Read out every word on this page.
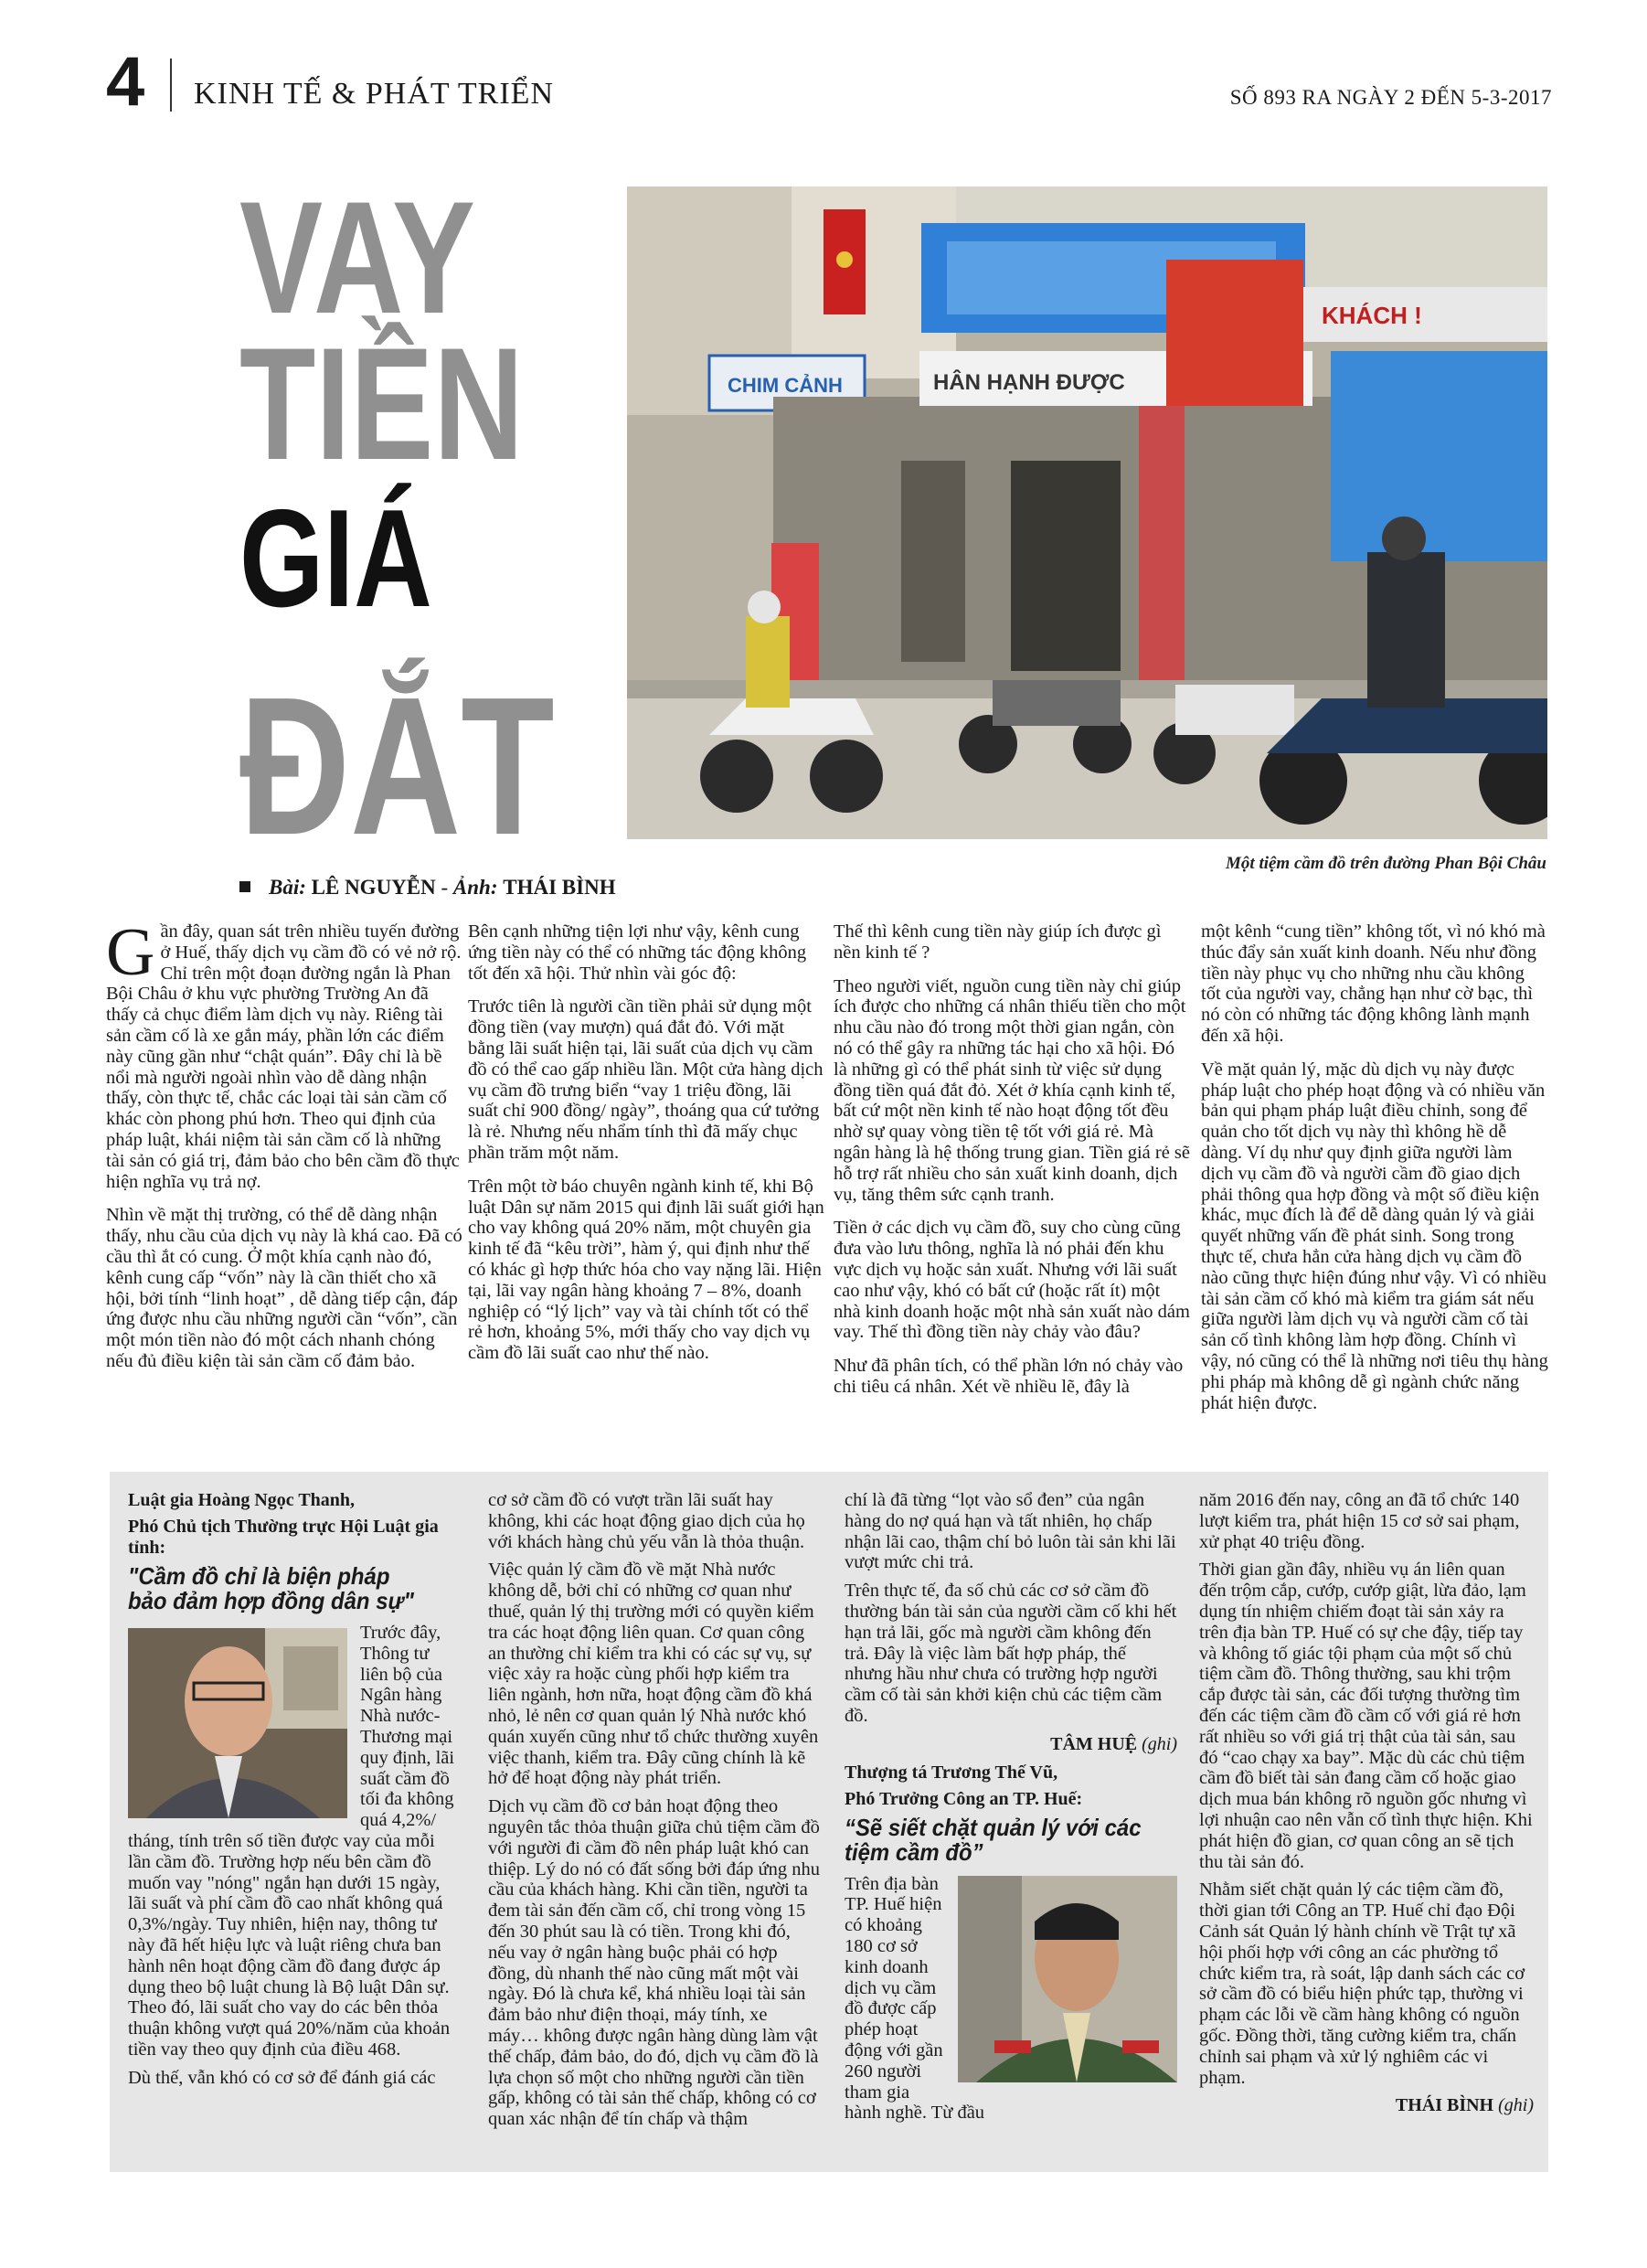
4 KINH TẾ & PHÁT TRIỂN	SỐ 893 RA NGÀY 2 ĐẾN 5-3-2017
VAY
TIỀN
GIÁ
ĐẮT
CHIM CẢNH	HÂN HẠNH ĐƯỢC
KHÁCH !
Một tiệm cầm đồ trên đường Phan Bội Châu
Bài: LÊ NGUYỄN - Ảnh: THÁI BÌNH

Gần đây, quan sát trên nhiều tuyến đường ở Huế, thấy dịch vụ cầm đồ có vẻ nở rộ. Chỉ trên một đoạn đường ngắn là Phan Bội Châu ở khu vực phường Trường An đã thấy cả chục điểm làm dịch vụ này. Riêng tài sản cầm cố là xe gắn máy, phần lớn các điểm này cũng gần như “chật quán”. Đây chỉ là bề nổi mà người ngoài nhìn vào dễ dàng nhận thấy, còn thực tế, chắc các loại tài sản cầm cố khác còn phong phú hơn. Theo qui định của pháp luật, khái niệm tài sản cầm cố là những tài sản có giá trị, đảm bảo cho bên cầm đồ thực hiện nghĩa vụ trả nợ.

Nhìn về mặt thị trường, có thể dễ dàng nhận thấy, nhu cầu của dịch vụ này là khá cao. Đã có cầu thì ắt có cung. Ở một khía cạnh nào đó, kênh cung cấp “vốn” này là cần thiết cho xã hội, bởi tính “linh hoạt” , dễ dàng tiếp cận, đáp ứng được nhu cầu những người cần “vốn”, cần một món tiền nào đó một cách nhanh chóng nếu đủ điều kiện tài sản cầm cố đảm bảo.

Bên cạnh những tiện lợi như vậy, kênh cung ứng tiền này có thể có những tác động không tốt đến xã hội. Thử nhìn vài góc độ:

Trước tiên là người cần tiền phải sử dụng một đồng tiền (vay mượn) quá đắt đỏ. Với mặt bằng lãi suất hiện tại, lãi suất của dịch vụ cầm đồ có thể cao gấp nhiều lần. Một cửa hàng dịch vụ cầm đồ trưng biển “vay 1 triệu đồng, lãi suất chỉ 900 đồng/ ngày”, thoáng qua cứ tưởng là rẻ. Nhưng nếu nhẩm tính thì đã mấy chục phần trăm một năm.

Trên một tờ báo chuyên ngành kinh tế, khi Bộ luật Dân sự năm 2015 qui định lãi suất giới hạn cho vay không quá 20% năm, một chuyên gia kinh tế đã “kêu trời”, hàm ý, qui định như thế có khác gì hợp thức hóa cho vay nặng lãi. Hiện tại, lãi vay ngân hàng khoảng 7 – 8%, doanh nghiệp có “lý lịch” vay và tài chính tốt có thể rẻ hơn, khoảng 5%, mới thấy cho vay dịch vụ cầm đồ lãi suất cao như thế nào.

Thế thì kênh cung tiền này giúp ích được gì nền kinh tế ?

Theo người viết, nguồn cung tiền này chỉ giúp ích được cho những cá nhân thiếu tiền cho một nhu cầu nào đó trong một thời gian ngắn, còn nó có thể gây ra những tác hại cho xã hội. Đó là những gì có thể phát sinh từ việc sử dụng đồng tiền quá đắt đỏ. Xét ở khía cạnh kinh tế, bất cứ một nền kinh tế nào hoạt động tốt đều nhờ sự quay vòng tiền tệ tốt với giá rẻ. Mà ngân hàng là hệ thống trung gian. Tiền giá rẻ sẽ hỗ trợ rất nhiều cho sản xuất kinh doanh, dịch vụ, tăng thêm sức cạnh tranh.

Tiền ở các dịch vụ cầm đồ, suy cho cùng cũng đưa vào lưu thông, nghĩa là nó phải đến khu vực dịch vụ hoặc sản xuất. Nhưng với lãi suất cao như vậy, khó có bất cứ (hoặc rất ít) một nhà kinh doanh hoặc một nhà sản xuất nào dám vay. Thế thì đồng tiền này chảy vào đâu?

Như đã phân tích, có thể phần lớn nó chảy vào chi tiêu cá nhân. Xét về nhiều lẽ, đây là

một kênh “cung tiền” không tốt, vì nó khó mà thúc đẩy sản xuất kinh doanh. Nếu như đồng tiền này phục vụ cho những nhu cầu không tốt của người vay, chẳng hạn như cờ bạc, thì nó còn có những tác động không lành mạnh đến xã hội.

Về mặt quản lý, mặc dù dịch vụ này được pháp luật cho phép hoạt động và có nhiều văn bản qui phạm pháp luật điều chỉnh, song để quản cho tốt dịch vụ này thì không hề dễ dàng. Ví dụ như quy định giữa người làm dịch vụ cầm đồ và người cầm đồ giao dịch phải thông qua hợp đồng và một số điều kiện khác, mục đích là để dễ dàng quản lý và giải quyết những vấn đề phát sinh. Song trong thực tế, chưa hẳn cửa hàng dịch vụ cầm đồ nào cũng thực hiện đúng như vậy. Vì có nhiều tài sản cầm cố khó mà kiểm tra giám sát nếu giữa người làm dịch vụ và người cầm cố tài sản cố tình không làm hợp đồng. Chính vì vậy, nó cũng có thể là những nơi tiêu thụ hàng phi pháp mà không dễ gì ngành chức năng phát hiện được.

Luật gia Hoàng Ngọc Thanh,
Phó Chủ tịch Thường trực Hội Luật gia tỉnh:
"Cầm đồ chỉ là biện pháp bảo đảm hợp đồng dân sự"

Trước đây, Thông tư liên bộ của Ngân hàng Nhà nước- Thương mại quy định, lãi suất cầm đồ tối đa không quá 4,2%/ tháng, tính trên số tiền được vay của mỗi lần cầm đồ. Trường hợp nếu bên cầm đồ muốn vay "nóng" ngắn hạn dưới 15 ngày, lãi suất và phí cầm đồ cao nhất không quá 0,3%/ngày. Tuy nhiên, hiện nay, thông tư này đã hết hiệu lực và luật riêng chưa ban hành nên hoạt động cầm đồ đang được áp dụng theo bộ luật chung là Bộ luật Dân sự. Theo đó, lãi suất cho vay do các bên thỏa thuận không vượt quá 20%/năm của khoản tiền vay theo quy định của điều 468.

Dù thế, vẫn khó có cơ sở để đánh giá các

cơ sở cầm đồ có vượt trần lãi suất hay không, khi các hoạt động giao dịch của họ với khách hàng chủ yếu vẫn là thỏa thuận.

Việc quản lý cầm đồ về mặt Nhà nước không dễ, bởi chỉ có những cơ quan như thuế, quản lý thị trường mới có quyền kiểm tra các hoạt động liên quan. Cơ quan công an thường chỉ kiểm tra khi có các sự vụ, sự việc xảy ra hoặc cùng phối hợp kiểm tra liên ngành, hơn nữa, hoạt động cầm đồ khá nhỏ, lẻ nên cơ quan quản lý Nhà nước khó quán xuyến cũng như tổ chức thường xuyên việc thanh, kiểm tra. Đây cũng chính là kẽ hở để hoạt động này phát triển.

Dịch vụ cầm đồ cơ bản hoạt động theo nguyên tắc thỏa thuận giữa chủ tiệm cầm đồ với người đi cầm đồ nên pháp luật khó can thiệp. Lý do nó có đất sống bởi đáp ứng nhu cầu của khách hàng. Khi cần tiền, người ta đem tài sản đến cầm cố, chỉ trong vòng 15 đến 30 phút sau là có tiền. Trong khi đó, nếu vay ở ngân hàng buộc phải có hợp đồng, dù nhanh thế nào cũng mất một vài ngày. Đó là chưa kể, khá nhiều loại tài sản đảm bảo như điện thoại, máy tính, xe máy… không được ngân hàng dùng làm vật thế chấp, đảm bảo, do đó, dịch vụ cầm đồ là lựa chọn số một cho những người cần tiền gấp, không có tài sản thế chấp, không có cơ quan xác nhận để tín chấp và thậm

chí là đã từng “lọt vào sổ đen” của ngân hàng do nợ quá hạn và tất nhiên, họ chấp nhận lãi cao, thậm chí bỏ luôn tài sản khi lãi vượt mức chi trả.

Trên thực tế, đa số chủ các cơ sở cầm đồ thường bán tài sản của người cầm cố khi hết hạn trả lãi, gốc mà người cầm không đến trả. Đây là việc làm bất hợp pháp, thế nhưng hầu như chưa có trường hợp người cầm cố tài sản khởi kiện chủ các tiệm cầm đồ.

TÂM HUỆ (ghi)
Thượng tá Trương Thế Vũ,
Phó Trưởng Công an TP. Huế:
“Sẽ siết chặt quản lý với các tiệm cầm đồ”

Trên địa bàn TP. Huế hiện có khoảng 180 cơ sở kinh doanh dịch vụ cầm đồ được cấp phép hoạt động với gần 260 người tham gia hành nghề. Từ đầu

năm 2016 đến nay, công an đã tổ chức 140 lượt kiểm tra, phát hiện 15 cơ sở sai phạm, xử phạt 40 triệu đồng.

Thời gian gần đây, nhiều vụ án liên quan đến trộm cắp, cướp, cướp giật, lừa đảo, lạm dụng tín nhiệm chiếm đoạt tài sản xảy ra trên địa bàn TP. Huế có sự che đậy, tiếp tay và không tố giác tội phạm của một số chủ tiệm cầm đồ. Thông thường, sau khi trộm cắp được tài sản, các đối tượng thường tìm đến các tiệm cầm đồ cầm cố với giá rẻ hơn rất nhiều so với giá trị thật của tài sản, sau đó “cao chạy xa bay”. Mặc dù các chủ tiệm cầm đồ biết tài sản đang cầm cố hoặc giao dịch mua bán không rõ nguồn gốc nhưng vì lợi nhuận cao nên vẫn cố tình thực hiện. Khi phát hiện đồ gian, cơ quan công an sẽ tịch thu tài sản đó.

Nhằm siết chặt quản lý các tiệm cầm đồ, thời gian tới Công an TP. Huế chỉ đạo Đội Cảnh sát Quản lý hành chính về Trật tự xã hội phối hợp với công an các phường tổ chức kiểm tra, rà soát, lập danh sách các cơ sở cầm đồ có biểu hiện phức tạp, thường vi phạm các lỗi về cầm hàng không có nguồn gốc. Đồng thời, tăng cường kiểm tra, chấn chỉnh sai phạm và xử lý nghiêm các vi phạm.

THÁI BÌNH (ghi)
